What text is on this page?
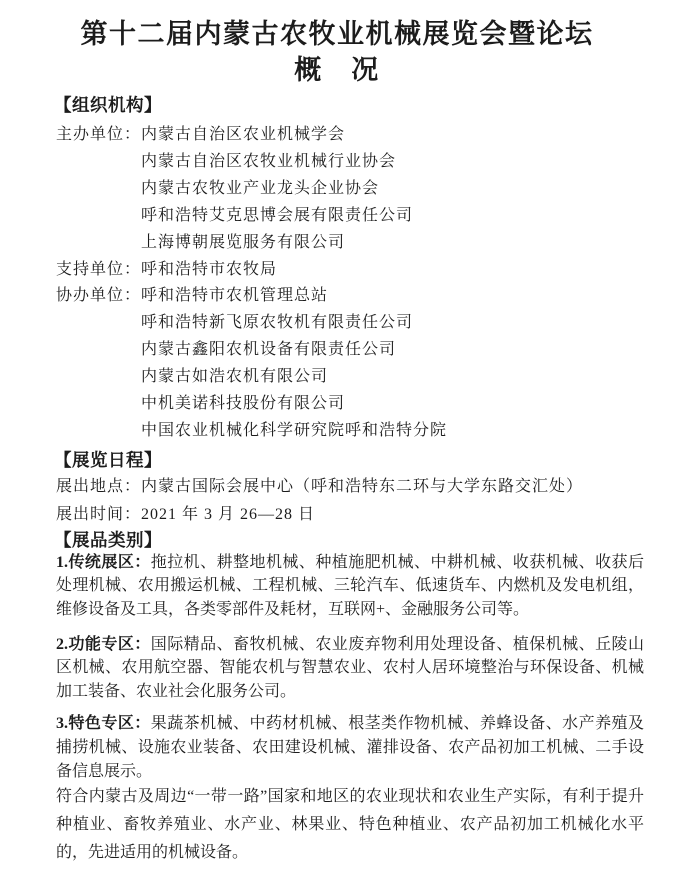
第十二届内蒙古农牧业机械展览会暨论坛
概　况
【组织机构】
主办单位： 内蒙古自治区农业机械学会
内蒙古自治区农牧业机械行业协会
内蒙古农牧业产业龙头企业协会
呼和浩特艾克思博会展有限责任公司
上海博朝展览服务有限公司
支持单位： 呼和浩特市农牧局
协办单位： 呼和浩特市农机管理总站
呼和浩特新飞原农牧机有限责任公司
内蒙古鑫阳农机设备有限责任公司
内蒙古如浩农机有限公司
中机美诺科技股份有限公司
中国农业机械化科学研究院呼和浩特分院
【展览日程】
展出地点： 内蒙古国际会展中心（呼和浩特东二环与大学东路交汇处）
展出时间： 2021 年 3 月 26—28 日
【展品类别】

1.传统展区：拖拉机、耕整地机械、种植施肥机械、中耕机械、收获机械、收获后处理机械、农用搬运机械、工程机械、三轮汽车、低速货车、内燃机及发电机组，维修设备及工具，各类零部件及耗材，互联网+、金融服务公司等。

2.功能专区：国际精品、畜牧机械、农业废弃物利用处理设备、植保机械、丘陵山区机械、农用航空器、智能农机与智慧农业、农村人居环境整治与环保设备、机械加工装备、农业社会化服务公司。

3.特色专区：果蔬茶机械、中药材机械、根茎类作物机械、养蜂设备、水产养殖及捕捞机械、设施农业装备、农田建设机械、灌排设备、农产品初加工机械、二手设备信息展示。

符合内蒙古及周边“一带一路”国家和地区的农业现状和农业生产实际，有利于提升种植业、畜牧养殖业、水产业、林果业、特色种植业、农产品初加工机械化水平的，先进适用的机械设备。
